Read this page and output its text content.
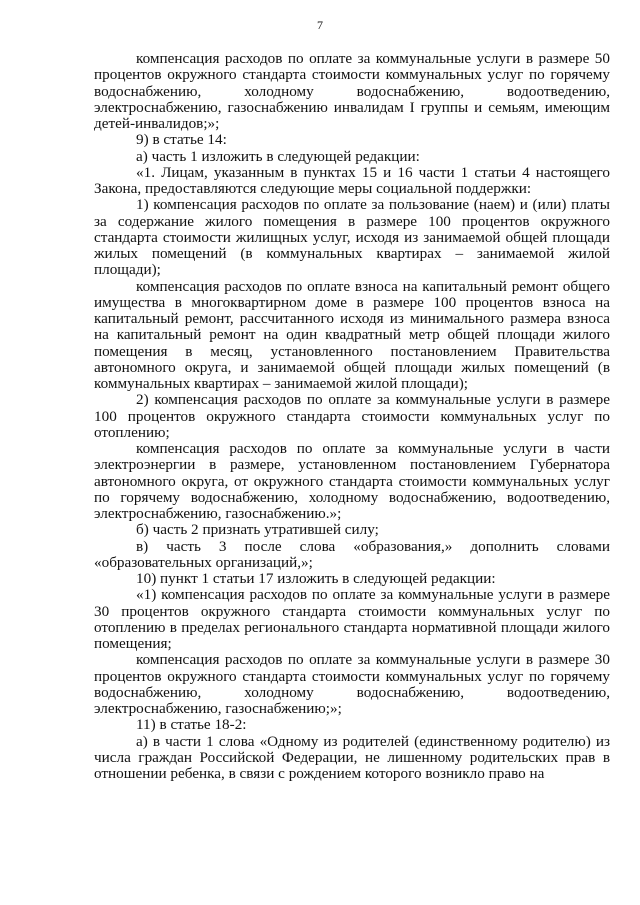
7

компенсация расходов по оплате за коммунальные услуги в размере 50 процентов окружного стандарта стоимости коммунальных услуг по горячему водоснабжению, холодному водоснабжению, водоотведению, электроснабжению, газоснабжению инвалидам I группы и семьям, имеющим детей-инвалидов;»;

9) в статье 14:

а) часть 1 изложить в следующей редакции:

«1. Лицам, указанным в пунктах 15 и 16 части 1 статьи 4 настоящего Закона, предоставляются следующие меры социальной поддержки:

1) компенсация расходов по оплате за пользование (наем) и (или) платы за содержание жилого помещения в размере 100 процентов окружного стандарта стоимости жилищных услуг, исходя из занимаемой общей площади жилых помещений (в коммунальных квартирах – занимаемой жилой площади);

компенсация расходов по оплате взноса на капитальный ремонт общего имущества в многоквартирном доме в размере 100 процентов взноса на капитальный ремонт, рассчитанного исходя из минимального размера взноса на капитальный ремонт на один квадратный метр общей площади жилого помещения в месяц, установленного постановлением Правительства автономного округа, и занимаемой общей площади жилых помещений (в коммунальных квартирах – занимаемой жилой площади);

2) компенсация расходов по оплате за коммунальные услуги в размере 100 процентов окружного стандарта стоимости коммунальных услуг по отоплению;

компенсация расходов по оплате за коммунальные услуги в части электроэнергии в размере, установленном постановлением Губернатора автономного округа, от окружного стандарта стоимости коммунальных услуг по горячему водоснабжению, холодному водоснабжению, водоотведению, электроснабжению, газоснабжению.»;

б) часть 2 признать утратившей силу;

в) часть 3 после слова «образования,» дополнить словами «образовательных организаций,»;

10) пункт 1 статьи 17 изложить в следующей редакции:

«1) компенсация расходов по оплате за коммунальные услуги в размере 30 процентов окружного стандарта стоимости коммунальных услуг по отоплению в пределах регионального стандарта нормативной площади жилого помещения;

компенсация расходов по оплате за коммунальные услуги в размере 30 процентов окружного стандарта стоимости коммунальных услуг по горячему водоснабжению, холодному водоснабжению, водоотведению, электроснабжению, газоснабжению;»;

11) в статье 18-2:

а) в части 1 слова «Одному из родителей (единственному родителю) из числа граждан Российской Федерации, не лишенному родительских прав в отношении ребенка, в связи с рождением которого возникло право на
